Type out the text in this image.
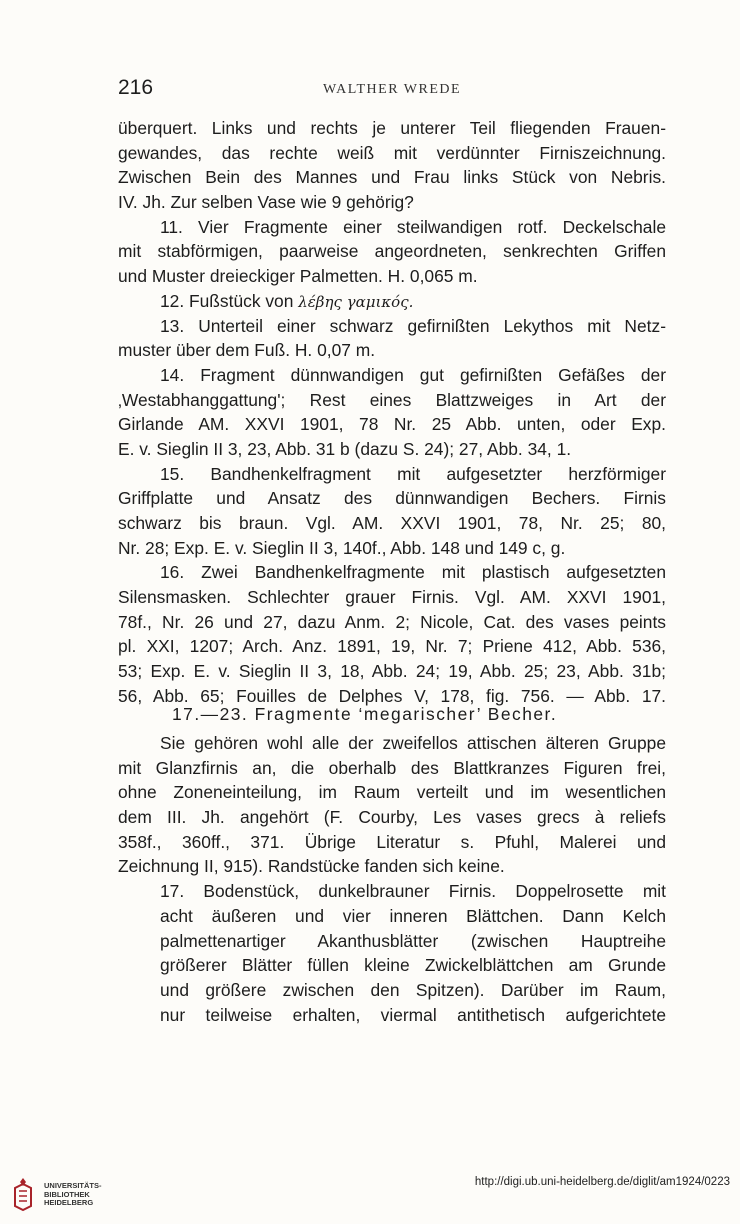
216	WALTHER WREDE
überquert. Links und rechts je unterer Teil fliegenden Frauen-
gewandes, das rechte weiß mit verdünnter Firniszeichnung.
Zwischen Bein des Mannes und Frau links Stück von Nebris.
IV. Jh. Zur selben Vase wie 9 gehörig?
11. Vier Fragmente einer steilwandigen rotf. Deckelschale
mit stabförmigen, paarweise angeordneten, senkrechten Griffen
und Muster dreieckiger Palmetten. H. 0,065 m.
12. Fußstück von λέβης γαμικός.
13. Unterteil einer schwarz gefirnißten Lekythos mit Netz-
muster über dem Fuß. H. 0,07 m.
14. Fragment dünnwandigen gut gefirnißten Gefäßes der
‚Westabhanggattung'; Rest eines Blattzweiges in Art der
Girlande AM. XXVI 1901, 78 Nr. 25 Abb. unten, oder Exp.
E. v. Sieglin II 3, 23, Abb. 31 b (dazu S. 24); 27, Abb. 34, 1.
15. Bandhenkelfragment mit aufgesetzter herzförmiger
Griffplatte und Ansatz des dünnwandigen Bechers. Firnis
schwarz bis braun. Vgl. AM. XXVI 1901, 78, Nr. 25; 80,
Nr. 28; Exp. E. v. Sieglin II 3, 140f., Abb. 148 und 149 c, g.
16. Zwei Bandhenkelfragmente mit plastisch aufgesetzten
Silensmasken. Schlechter grauer Firnis. Vgl. AM. XXVI 1901,
78f., Nr. 26 und 27, dazu Anm. 2; Nicole, Cat. des vases peints
pl. XXI, 1207; Arch. Anz. 1891, 19, Nr. 7; Priene 412, Abb. 536,
53; Exp. E. v. Sieglin II 3, 18, Abb. 24; 19, Abb. 25; 23, Abb. 31b;
56, Abb. 65; Fouilles de Delphes V, 178, fig. 756. — Abb. 17.
17.—23. Fragmente ‘megarischer’ Becher.
Sie gehören wohl alle der zweifellos attischen älteren Gruppe
mit Glanzfirnis an, die oberhalb des Blattkranzes Figuren frei,
ohne Zoneneinteilung, im Raum verteilt und im wesentlichen
dem III. Jh. angehört (F. Courby, Les vases grecs à reliefs
358f., 360ff., 371. Übrige Literatur s. Pfuhl, Malerei und
Zeichnung II, 915). Randstücke fanden sich keine.
17. Bodenstück, dunkelbrauner Firnis. Doppelrosette mit
acht äußeren und vier inneren Blättchen. Dann Kelch
palmettenartiger Akanthusblätter (zwischen Hauptreihe
größerer Blätter füllen kleine Zwickelblättchen am Grunde
und größere zwischen den Spitzen). Darüber im Raum,
nur teilweise erhalten, viermal antithetisch aufgerichtete
UNIVERSITÄTS-
BIBLIOTHEK
HEIDELBERG
http://digi.ub.uni-heidelberg.de/diglit/am1924/0223
